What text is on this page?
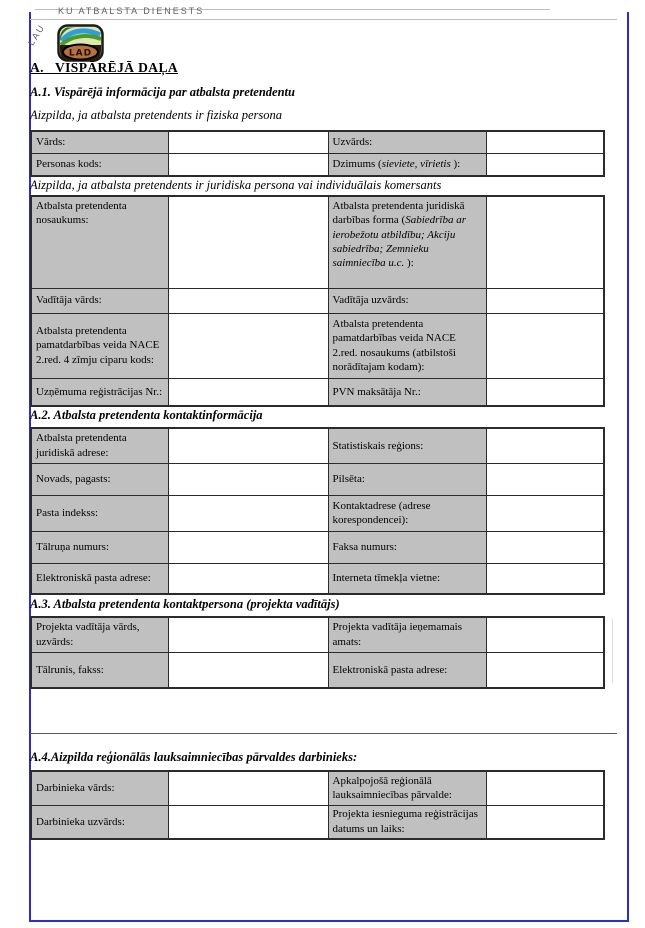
KU ATBALSTA DIENESTS
LAU
LAD
A.   VISPĀRĒJĀ DAĻA
A.1. Vispārējā informācija par atbalsta pretendentu
Aizpilda, ja atbalsta pretendents ir fiziska persona
Vārds:		Uzvārds:	
Personas kods:		Dzimums (sieviete, vīrietis ):	
Aizpilda, ja atbalsta pretendents ir juridiska persona vai individuālais komersants
Atbalsta pretendenta nosaukums:		Atbalsta pretendenta juridiskā darbības forma (Sabiedrība ar ierobežotu atbildību; Akciju sabiedrība; Zemnieku saimniecība u.c. ):	
Vadītāja vārds:		Vadītāja uzvārds:	
Atbalsta pretendenta pamatdarbības veida NACE 2.red. 4 zīmju ciparu kods:		Atbalsta pretendenta pamatdarbības veida NACE 2.red. nosaukums (atbilstoši norādītajam kodam):	
Uzņēmuma reģistrācijas Nr.:		PVN maksātāja Nr.:	
A.2. Atbalsta pretendenta kontaktinformācija
Atbalsta pretendenta juridiskā adrese:		Statistiskais reģions:	
Novads, pagasts:		Pilsēta:	
Pasta indekss:		Kontaktadrese (adrese korespondencei):	
Tālruņa numurs:		Faksa numurs:	
Elektroniskā pasta adrese:		Interneta tīmekļa vietne:	
A.3. Atbalsta pretendenta kontaktpersona (projekta vadītājs)
Projekta vadītāja vārds, uzvārds:		Projekta vadītāja ieņemamais amats:	
Tālrunis, fakss:		Elektroniskā pasta adrese:	
A.4.Aizpilda reģionālās lauksaimniecības pārvaldes darbinieks:
Darbinieka vārds:		Apkalpojošā reģionālā lauksaimniecības pārvalde:	
Darbinieka uzvārds:		Projekta iesnieguma reģistrācijas datums un laiks:	
